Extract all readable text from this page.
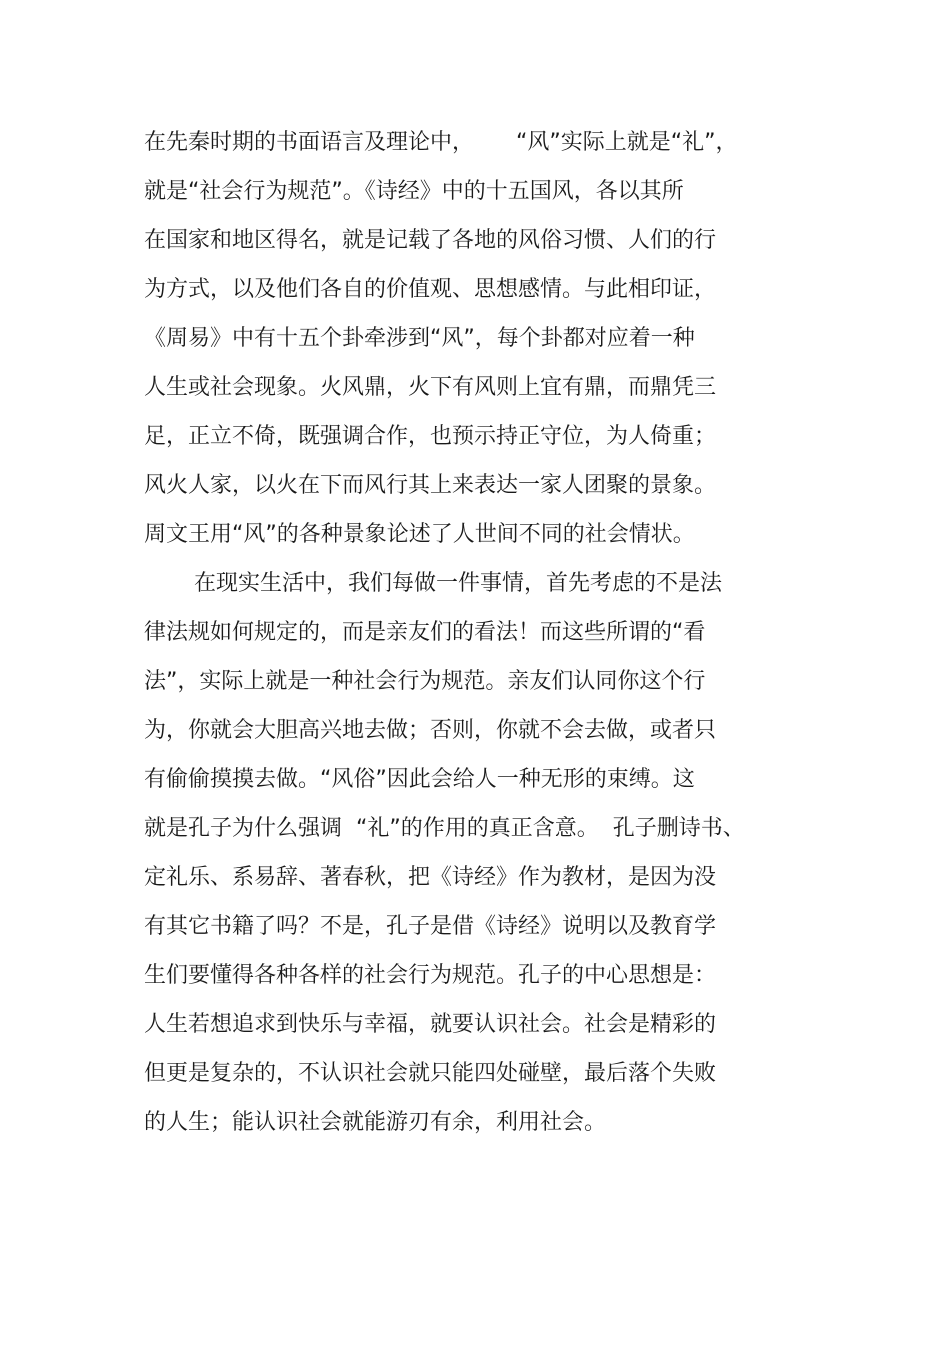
在先秦时期的书面语言及理论中，      “风”实际上就是“礼”，
就是“社会行为规范”。《诗经》中的十五国风，各以其所
在国家和地区得名，就是记载了各地的风俗习惯、人们的行
为方式，以及他们各自的价值观、思想感情。与此相印证，
《周易》中有十五个卦牵涉到“风”，每个卦都对应着一种
人生或社会现象。火风鼎，火下有风则上宜有鼎，而鼎凭三
足，正立不倚，既强调合作，也预示持正守位，为人倚重；
风火人家，以火在下而风行其上来表达一家人团聚的景象。
周文王用“风”的各种景象论述了人世间不同的社会情状。
在现实生活中，我们每做一件事情，首先考虑的不是法
律法规如何规定的，而是亲友们的看法！而这些所谓的“看
法”，实际上就是一种社会行为规范。亲友们认同你这个行
为，你就会大胆高兴地去做；否则，你就不会去做，或者只
有偷偷摸摸去做。“风俗”因此会给人一种无形的束缚。这
就是孔子为什么强调  “礼”的作用的真正含意。  孔子删诗书、
定礼乐、系易辞、著春秋，把《诗经》作为教材，是因为没
有其它书籍了吗？不是，孔子是借《诗经》说明以及教育学
生们要懂得各种各样的社会行为规范。孔子的中心思想是：
人生若想追求到快乐与幸福，就要认识社会。社会是精彩的
但更是复杂的，不认识社会就只能四处碰壁，最后落个失败
的人生；能认识社会就能游刃有余，利用社会。
